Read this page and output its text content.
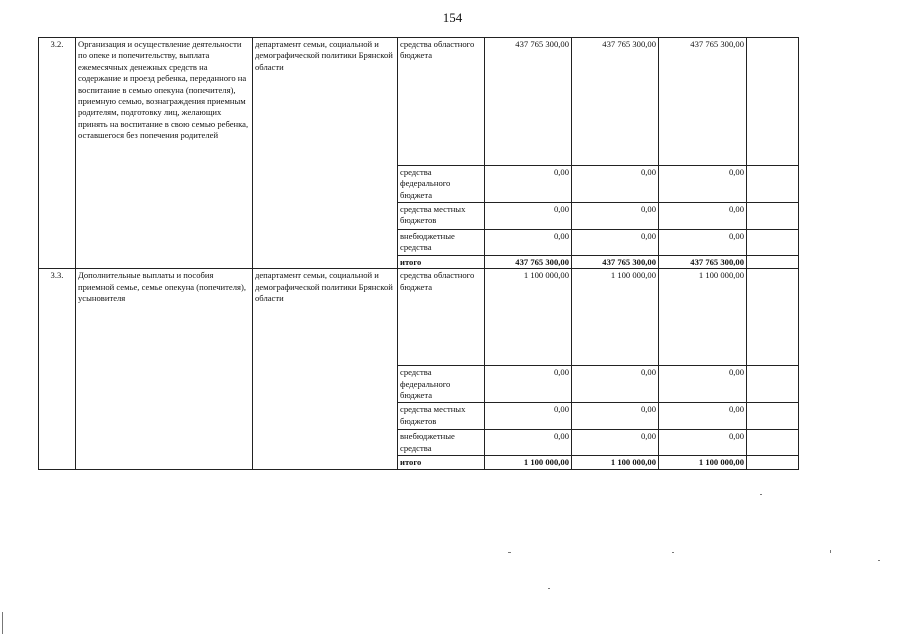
154
3.2.	Организация и осуществление деятельности по опеке и попечительству, выплата ежемесячных денежных средств на содержание и проезд ребенка, переданного на воспитание в семью опекуна (попечителя), приемную семью, вознаграждения приемным родителям, подготовку лиц, желающих принять на воспитание в свою семью ребенка, оставшегося без попечения родителей	департамент семьи, социальной и демографической политики Брянской области	средства областного бюджета	437 765 300,00	437 765 300,00	437 765 300,00	
			средства федерального бюджета	0,00	0,00	0,00	
			средства местных бюджетов	0,00	0,00	0,00	
			внебюджетные средства	0,00	0,00	0,00	
			итого	437 765 300,00	437 765 300,00	437 765 300,00	
3.3.	Дополнительные выплаты и пособия приемной семье, семье опекуна (попечителя), усыновителя	департамент семьи, социальной и демографической политики Брянской области	средства областного бюджета	1 100 000,00	1 100 000,00	1 100 000,00	
			средства федерального бюджета	0,00	0,00	0,00	
			средства местных бюджетов	0,00	0,00	0,00	
			внебюджетные средства	0,00	0,00	0,00	
			итого	1 100 000,00	1 100 000,00	1 100 000,00	
